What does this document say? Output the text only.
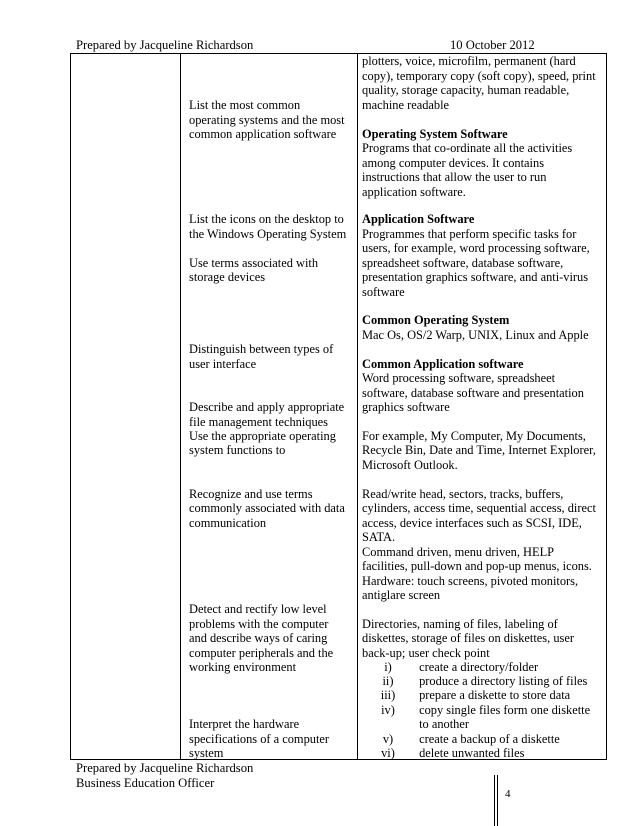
Prepared by Jacqueline Richardson	10 October 2012
List the most common
operating systems and the most
common application software
List the icons on the desktop to
the Windows Operating System
Use terms associated with
storage devices
Distinguish between types of
user interface
Describe and apply appropriate
file management techniques
Use the appropriate operating
system functions to
Recognize and use terms
commonly associated with data
communication
Detect and rectify low level
problems with the computer
and describe ways of caring
computer peripherals and the
working environment
Interpret the hardware
specifications of a computer
system
plotters, voice, microfilm, permanent (hard
copy), temporary copy (soft copy), speed, print
quality, storage capacity, human readable,
machine readable
Operating System Software
Programs that co-ordinate all the activities
among computer devices. It contains
instructions that allow the user to run
application software.
Application Software
Programmes that perform specific tasks for
users, for example, word processing software,
spreadsheet software, database software,
presentation graphics software, and anti-virus
software
Common Operating System
Mac Os, OS/2 Warp, UNIX, Linux and Apple
Common Application software
Word processing software, spreadsheet
software, database software and presentation
graphics software
For example, My Computer, My Documents,
Recycle Bin, Date and Time, Internet Explorer,
Microsoft Outlook.
Read/write head, sectors, tracks, buffers,
cylinders, access time, sequential access, direct
access, device interfaces such as SCSI, IDE,
SATA.
Command driven, menu driven, HELP
facilities, pull-down and pop-up menus, icons.
Hardware: touch screens, pivoted monitors,
antiglare screen
Directories, naming of files, labeling of
diskettes, storage of files on diskettes, user
back-up; user check point
i) create a directory/folder
ii) produce a directory listing of files
iii) prepare a diskette to store data
iv) copy single files form one diskette
to another
v) create a backup of a diskette
vi) delete unwanted files
Prepared by Jacqueline Richardson
Business Education Officer
4
